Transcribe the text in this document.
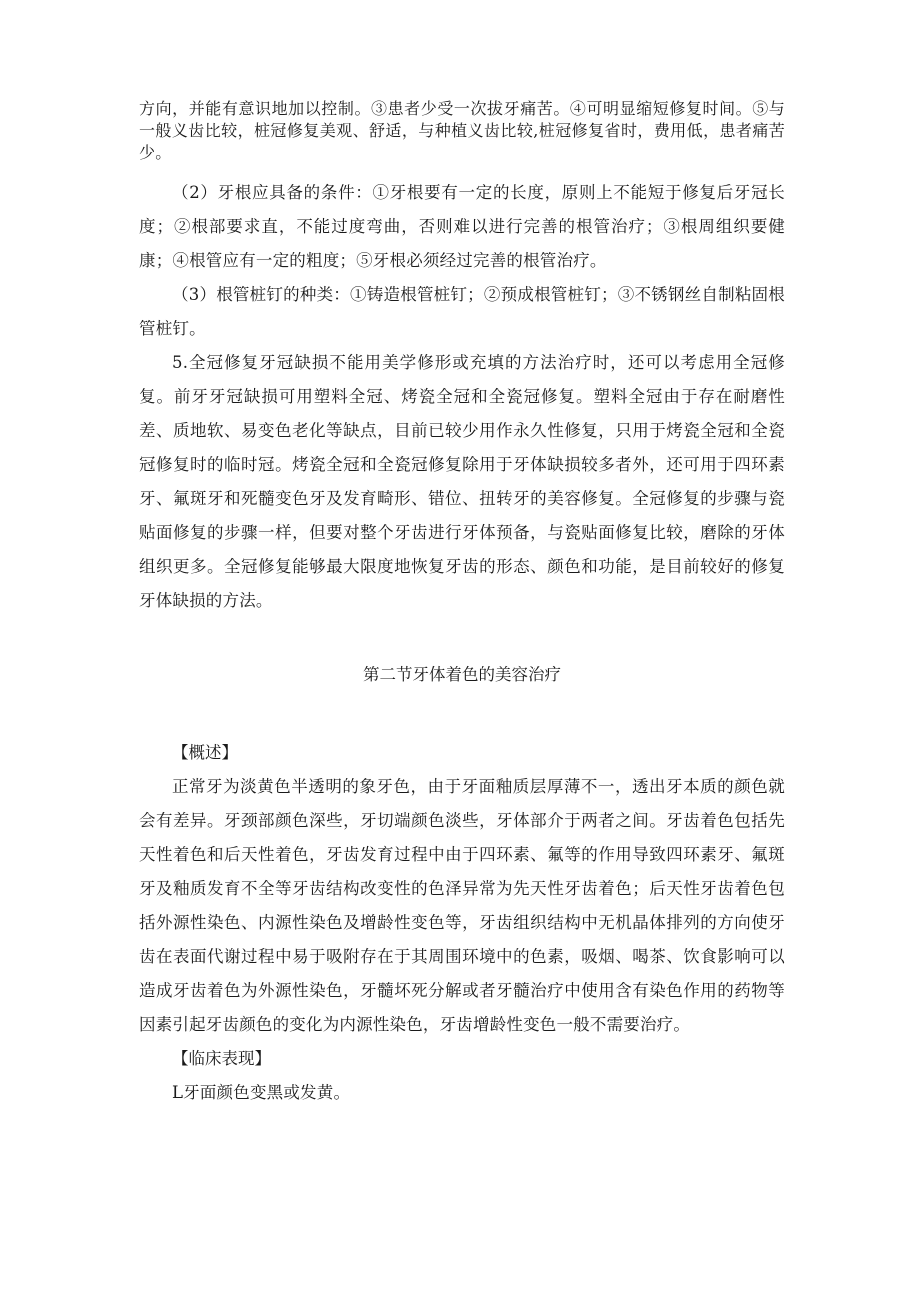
方向，并能有意识地加以控制。③患者少受一次拔牙痛苦。④可明显缩短修复时间。⑤与一般义齿比较，桩冠修复美观、舒适，与种植义齿比较,桩冠修复省时，费用低，患者痛苦少。

（2）牙根应具备的条件：①牙根要有一定的长度，原则上不能短于修复后牙冠长度；②根部要求直，不能过度弯曲，否则难以进行完善的根管治疗；③根周组织要健康；④根管应有一定的粗度；⑤牙根必须经过完善的根管治疗。

（3）根管桩钉的种类：①铸造根管桩钉；②预成根管桩钉；③不锈钢丝自制粘固根管桩钉。

5.全冠修复牙冠缺损不能用美学修形或充填的方法治疗时，还可以考虑用全冠修复。前牙牙冠缺损可用塑料全冠、烤瓷全冠和全瓷冠修复。塑料全冠由于存在耐磨性差、质地软、易变色老化等缺点，目前已较少用作永久性修复，只用于烤瓷全冠和全瓷冠修复时的临时冠。烤瓷全冠和全瓷冠修复除用于牙体缺损较多者外，还可用于四环素牙、氟斑牙和死髓变色牙及发育畸形、错位、扭转牙的美容修复。全冠修复的步骤与瓷贴面修复的步骤一样，但要对整个牙齿进行牙体预备，与瓷贴面修复比较，磨除的牙体组织更多。全冠修复能够最大限度地恢复牙齿的形态、颜色和功能，是目前较好的修复牙体缺损的方法。

第二节牙体着色的美容治疗

【概述】

正常牙为淡黄色半透明的象牙色，由于牙面釉质层厚薄不一，透出牙本质的颜色就会有差异。牙颈部颜色深些，牙切端颜色淡些，牙体部介于两者之间。牙齿着色包括先天性着色和后天性着色，牙齿发育过程中由于四环素、氟等的作用导致四环素牙、氟斑牙及釉质发育不全等牙齿结构改变性的色泽异常为先天性牙齿着色；后天性牙齿着色包括外源性染色、内源性染色及增龄性变色等，牙齿组织结构中无机晶体排列的方向使牙齿在表面代谢过程中易于吸附存在于其周围环境中的色素，吸烟、喝茶、饮食影响可以造成牙齿着色为外源性染色，牙髓坏死分解或者牙髓治疗中使用含有染色作用的药物等因素引起牙齿颜色的变化为内源性染色，牙齿增龄性变色一般不需要治疗。

【临床表现】

L牙面颜色变黑或发黄。
